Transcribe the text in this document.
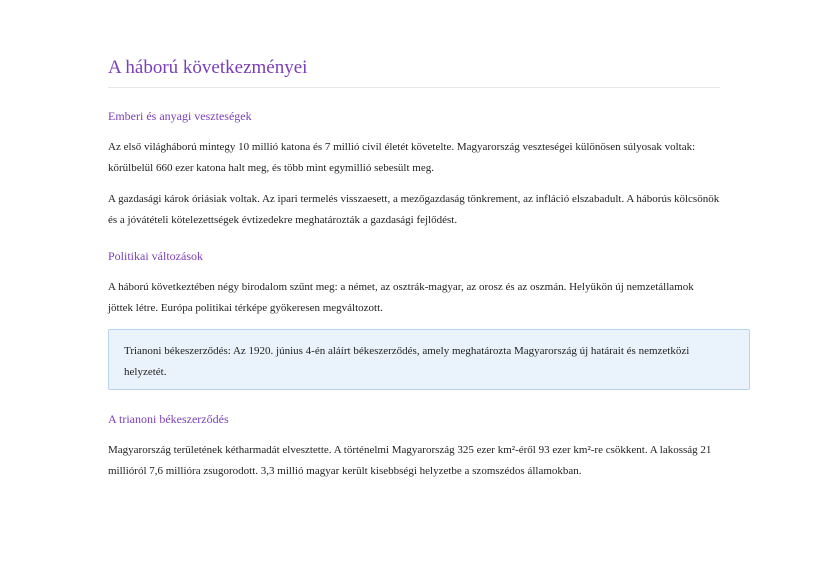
A háború következményei
Emberi és anyagi veszteségek

Az első világháború mintegy 10 millió katona és 7 millió civil életét követelte. Magyarország veszteségei különösen súlyosak voltak: körülbelül 660 ezer katona halt meg, és több mint egymillió sebesült meg.

A gazdasági károk óriásiak voltak. Az ipari termelés visszaesett, a mezőgazdaság tönkrement, az infláció elszabadult. A háborús kölcsönök és a jóvátételi kötelezettségek évtizedekre meghatározták a gazdasági fejlődést.

Politikai változások

A háború következtében négy birodalom szűnt meg: a német, az osztrák-magyar, az orosz és az oszmán. Helyükön új nemzetállamok jöttek létre. Európa politikai térképe gyökeresen megváltozott.

Trianoni békeszerződés: Az 1920. június 4-én aláírt békeszerződés, amely meghatározta Magyarország új határait és nemzetközi helyzetét.

A trianoni békeszerződés

Magyarország területének kétharmadát elvesztette. A történelmi Magyarország 325 ezer km²-éről 93 ezer km²-re csökkent. A lakosság 21 millióról 7,6 millióra zsugorodott. 3,3 millió magyar került kisebbségi helyzetbe a szomszédos államokban.
